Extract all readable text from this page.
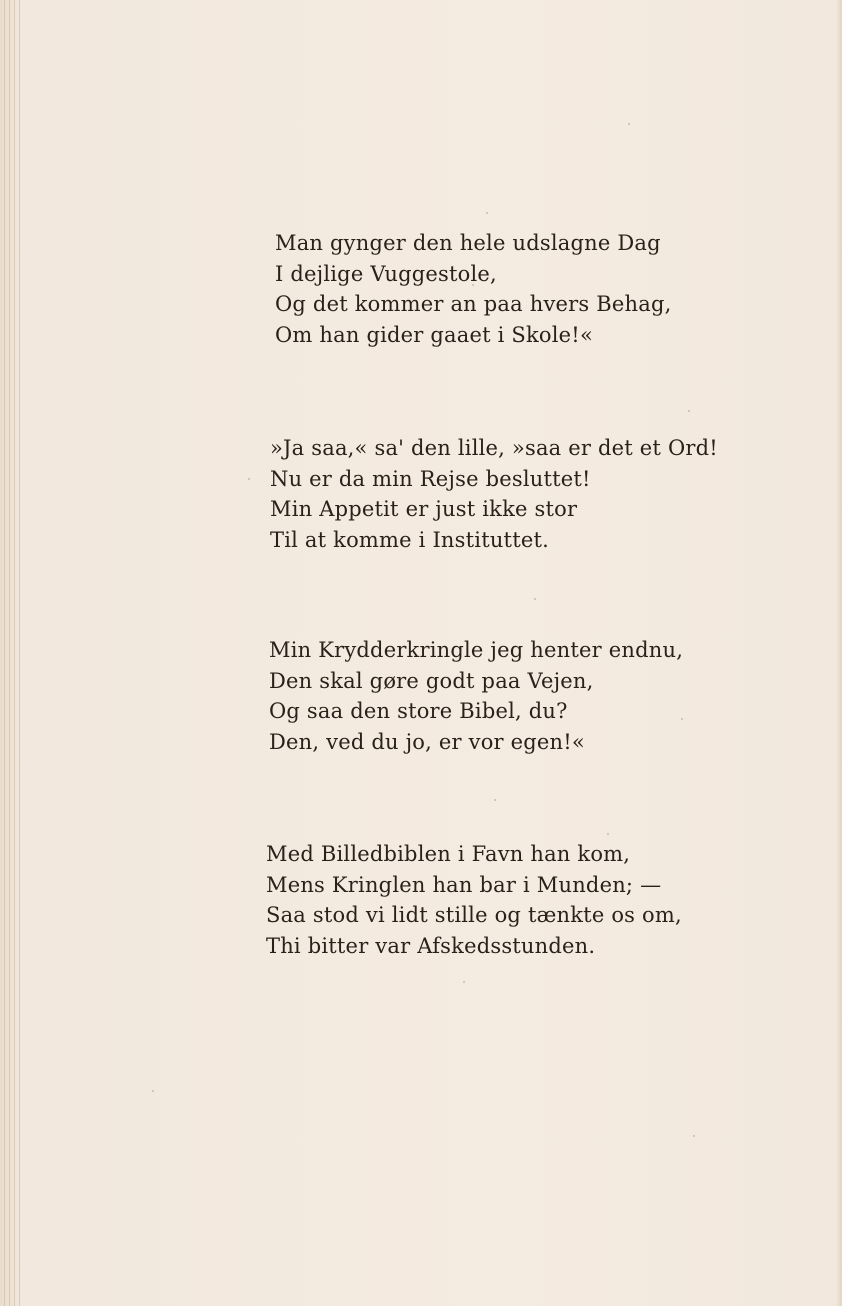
Man gynger den hele udslagne Dag
I dejlige Vuggestole,
Og det kommer an paa hvers Behag,
Om han gider gaaet i Skole!«
»Ja saa,« sa' den lille, »saa er det et Ord!
Nu er da min Rejse besluttet!
Min Appetit er just ikke stor
Til at komme i Instituttet.
Min Krydderkringle jeg henter endnu,
Den skal gøre godt paa Vejen,
Og saa den store Bibel, du?
Den, ved du jo, er vor egen!«
Med Billedbiblen i Favn han kom,
Mens Kringlen han bar i Munden; —
Saa stod vi lidt stille og tænkte os om,
Thi bitter var Afskedsstunden.
